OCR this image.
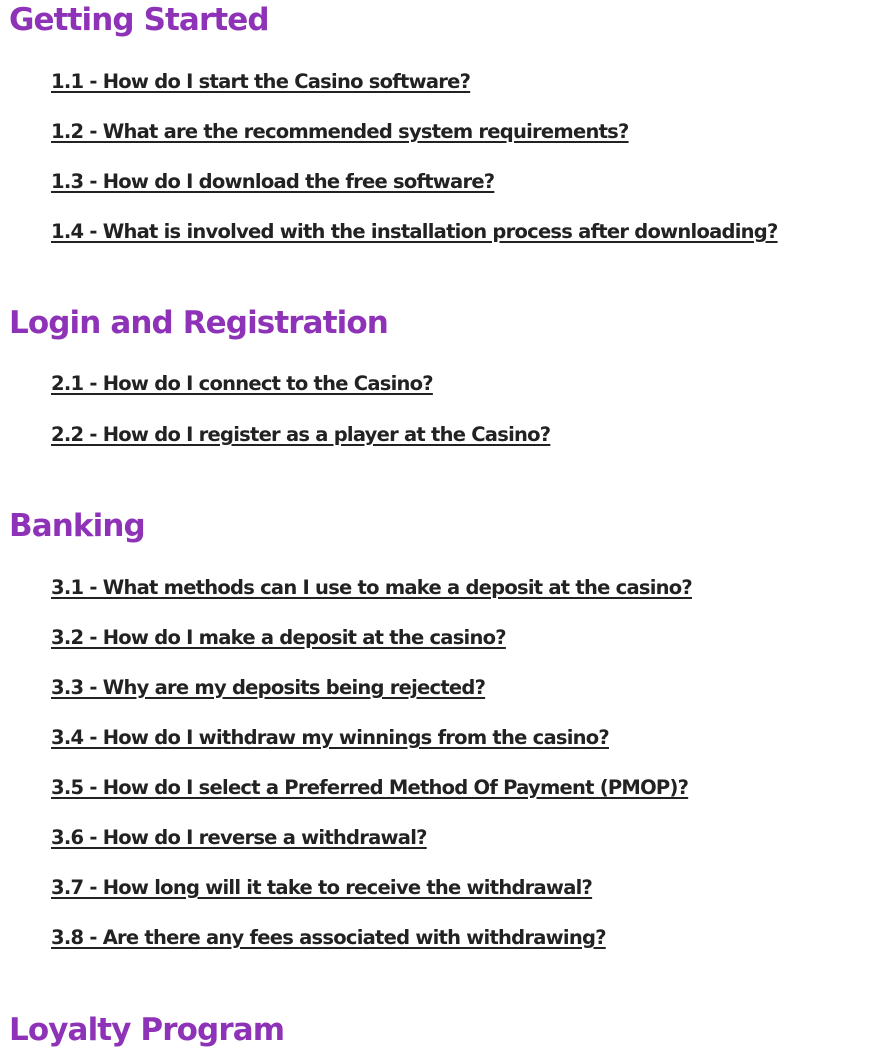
Getting Started
1.1 - How do I start the Casino software?
1.2 - What are the recommended system requirements?
1.3 - How do I download the free software?
1.4 - What is involved with the installation process after downloading?
Login and Registration
2.1 - How do I connect to the Casino?
2.2 - How do I register as a player at the Casino?
Banking
3.1 - What methods can I use to make a deposit at the casino?
3.2 - How do I make a deposit at the casino?
3.3 - Why are my deposits being rejected?
3.4 - How do I withdraw my winnings from the casino?
3.5 - How do I select a Preferred Method Of Payment (PMOP)?
3.6 - How do I reverse a withdrawal?
3.7 - How long will it take to receive the withdrawal?
3.8 - Are there any fees associated with withdrawing?
Loyalty Program
